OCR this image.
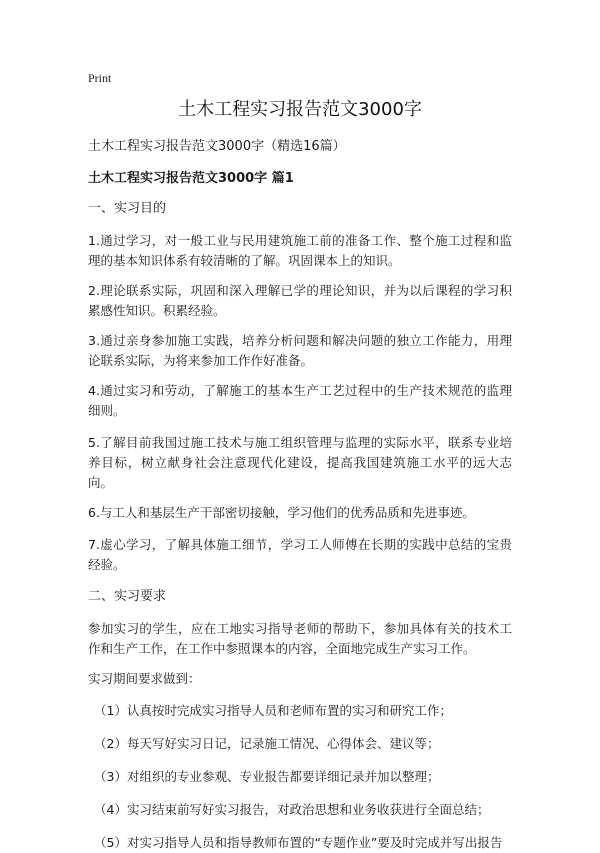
Print
土木工程实习报告范文3000字
土木工程实习报告范文3000字（精选16篇）
土木工程实习报告范文3000字 篇1
一、实习目的
1.通过学习，对一般工业与民用建筑施工前的准备工作、整个施工过程和监理的基本知识体系有较清晰的了解。巩固课本上的知识。
2.理论联系实际，巩固和深入理解已学的理论知识，并为以后课程的学习积累感性知识。积累经验。
3.通过亲身参加施工实践，培养分析问题和解决问题的独立工作能力，用理论联系实际，为将来参加工作作好准备。
4.通过实习和劳动，了解施工的基本生产工艺过程中的生产技术规范的监理细则。
5.了解目前我国过施工技术与施工组织管理与监理的实际水平，联系专业培养目标，树立献身社会注意现代化建设，提高我国建筑施工水平的远大志向。
6.与工人和基层生产干部密切接触，学习他们的优秀品质和先进事迹。
7.虚心学习，了解具体施工细节，学习工人师傅在长期的实践中总结的宝贵经验。
二、实习要求
参加实习的学生，应在工地实习指导老师的帮助下，参加具体有关的技术工作和生产工作，在工作中参照课本的内容，全面地完成生产实习工作。
实习期间要求做到：
（1）认真按时完成实习指导人员和老师布置的实习和研究工作；
（2）每天写好实习日记，记录施工情况、心得体会、建议等；
（3）对组织的专业参观、专业报告都要详细记录并加以整理；
（4）实习结束前写好实习报告，对政治思想和业务收获进行全面总结；
（5）对实习指导人员和指导教师布置的“专题作业”要及时完成并写出报告
